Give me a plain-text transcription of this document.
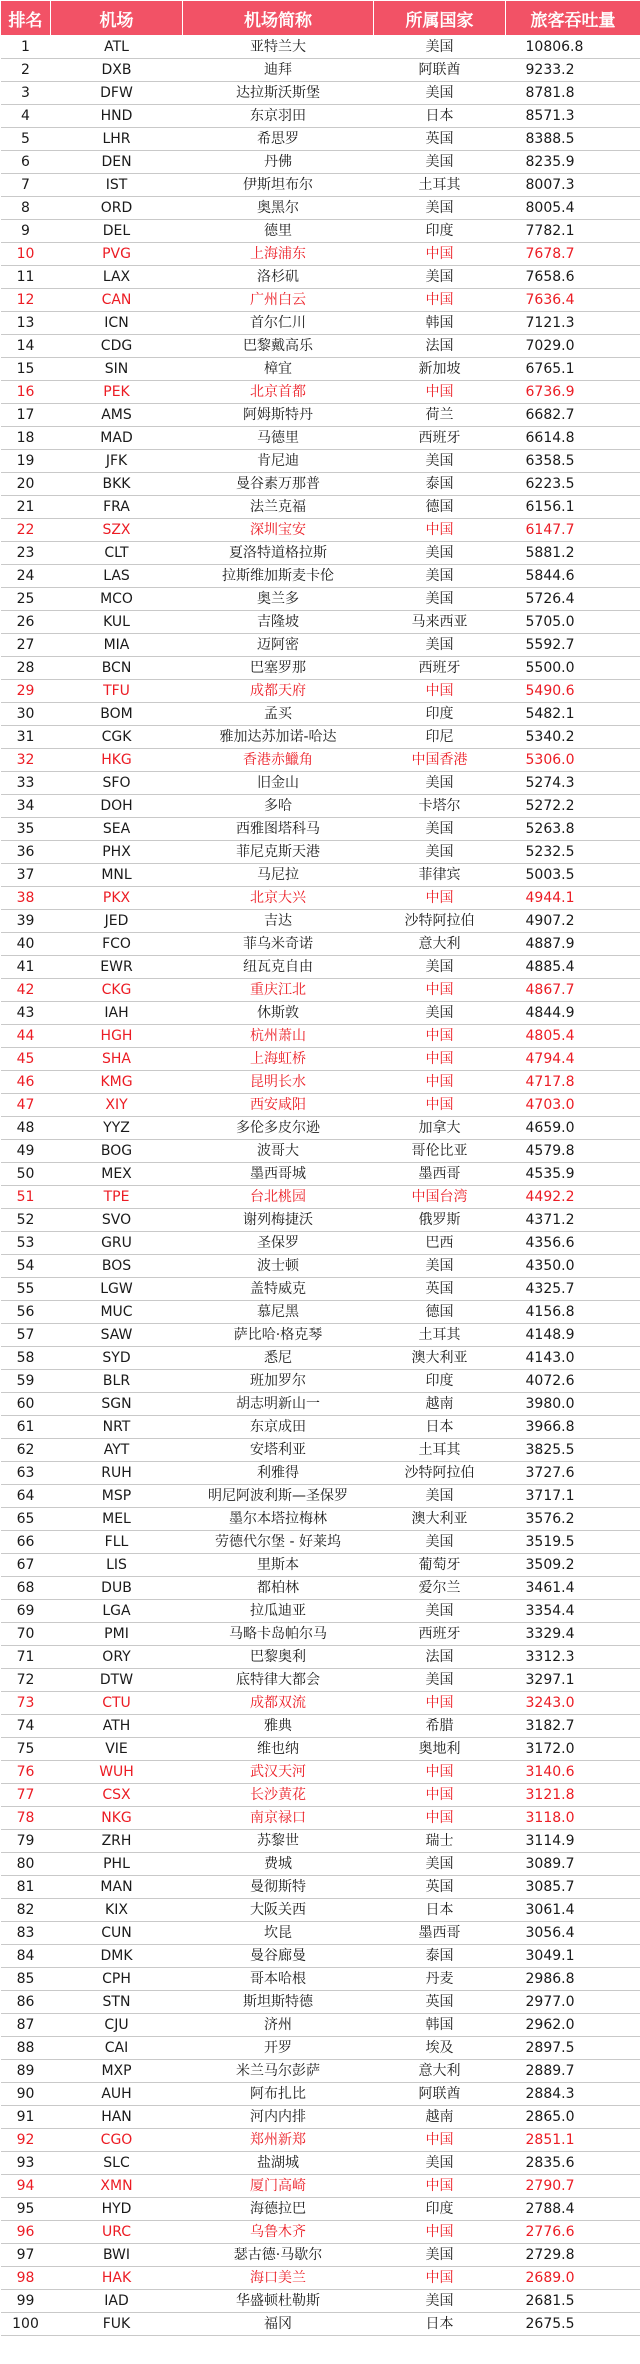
排名	机场	机场简称	所属国家	旅客吞吐量
1	ATL	亚特兰大	美国	10806.8
2	DXB	迪拜	阿联酋	9233.2
3	DFW	达拉斯沃斯堡	美国	8781.8
4	HND	东京羽田	日本	8571.3
5	LHR	希思罗	英国	8388.5
6	DEN	丹佛	美国	8235.9
7	IST	伊斯坦布尔	土耳其	8007.3
8	ORD	奥黑尔	美国	8005.4
9	DEL	德里	印度	7782.1
10	PVG	上海浦东	中国	7678.7
11	LAX	洛杉矶	美国	7658.6
12	CAN	广州白云	中国	7636.4
13	ICN	首尔仁川	韩国	7121.3
14	CDG	巴黎戴高乐	法国	7029.0
15	SIN	樟宜	新加坡	6765.1
16	PEK	北京首都	中国	6736.9
17	AMS	阿姆斯特丹	荷兰	6682.7
18	MAD	马德里	西班牙	6614.8
19	JFK	肯尼迪	美国	6358.5
20	BKK	曼谷素万那普	泰国	6223.5
21	FRA	法兰克福	德国	6156.1
22	SZX	深圳宝安	中国	6147.7
23	CLT	夏洛特道格拉斯	美国	5881.2
24	LAS	拉斯维加斯麦卡伦	美国	5844.6
25	MCO	奥兰多	美国	5726.4
26	KUL	吉隆坡	马来西亚	5705.0
27	MIA	迈阿密	美国	5592.7
28	BCN	巴塞罗那	西班牙	5500.0
29	TFU	成都天府	中国	5490.6
30	BOM	孟买	印度	5482.1
31	CGK	雅加达苏加诺-哈达	印尼	5340.2
32	HKG	香港赤鱲角	中国香港	5306.0
33	SFO	旧金山	美国	5274.3
34	DOH	多哈	卡塔尔	5272.2
35	SEA	西雅图塔科马	美国	5263.8
36	PHX	菲尼克斯天港	美国	5232.5
37	MNL	马尼拉	菲律宾	5003.5
38	PKX	北京大兴	中国	4944.1
39	JED	吉达	沙特阿拉伯	4907.2
40	FCO	菲乌米奇诺	意大利	4887.9
41	EWR	纽瓦克自由	美国	4885.4
42	CKG	重庆江北	中国	4867.7
43	IAH	休斯敦	美国	4844.9
44	HGH	杭州萧山	中国	4805.4
45	SHA	上海虹桥	中国	4794.4
46	KMG	昆明长水	中国	4717.8
47	XIY	西安咸阳	中国	4703.0
48	YYZ	多伦多皮尔逊	加拿大	4659.0
49	BOG	波哥大	哥伦比亚	4579.8
50	MEX	墨西哥城	墨西哥	4535.9
51	TPE	台北桃园	中国台湾	4492.2
52	SVO	谢列梅捷沃	俄罗斯	4371.2
53	GRU	圣保罗	巴西	4356.6
54	BOS	波士顿	美国	4350.0
55	LGW	盖特威克	英国	4325.7
56	MUC	慕尼黑	德国	4156.8
57	SAW	萨比哈·格克琴	土耳其	4148.9
58	SYD	悉尼	澳大利亚	4143.0
59	BLR	班加罗尔	印度	4072.6
60	SGN	胡志明新山一	越南	3980.0
61	NRT	东京成田	日本	3966.8
62	AYT	安塔利亚	土耳其	3825.5
63	RUH	利雅得	沙特阿拉伯	3727.6
64	MSP	明尼阿波利斯—圣保罗	美国	3717.1
65	MEL	墨尔本塔拉梅林	澳大利亚	3576.2
66	FLL	劳德代尔堡 - 好莱坞	美国	3519.5
67	LIS	里斯本	葡萄牙	3509.2
68	DUB	都柏林	爱尔兰	3461.4
69	LGA	拉瓜迪亚	美国	3354.4
70	PMI	马略卡岛帕尔马	西班牙	3329.4
71	ORY	巴黎奥利	法国	3312.3
72	DTW	底特律大都会	美国	3297.1
73	CTU	成都双流	中国	3243.0
74	ATH	雅典	希腊	3182.7
75	VIE	维也纳	奥地利	3172.0
76	WUH	武汉天河	中国	3140.6
77	CSX	长沙黄花	中国	3121.8
78	NKG	南京禄口	中国	3118.0
79	ZRH	苏黎世	瑞士	3114.9
80	PHL	费城	美国	3089.7
81	MAN	曼彻斯特	英国	3085.7
82	KIX	大阪关西	日本	3061.4
83	CUN	坎昆	墨西哥	3056.4
84	DMK	曼谷廊曼	泰国	3049.1
85	CPH	哥本哈根	丹麦	2986.8
86	STN	斯坦斯特德	英国	2977.0
87	CJU	济州	韩国	2962.0
88	CAI	开罗	埃及	2897.5
89	MXP	米兰马尔彭萨	意大利	2889.7
90	AUH	阿布扎比	阿联酋	2884.3
91	HAN	河内内排	越南	2865.0
92	CGO	郑州新郑	中国	2851.1
93	SLC	盐湖城	美国	2835.6
94	XMN	厦门高崎	中国	2790.7
95	HYD	海德拉巴	印度	2788.4
96	URC	乌鲁木齐	中国	2776.6
97	BWI	瑟古德·马歇尔	美国	2729.8
98	HAK	海口美兰	中国	2689.0
99	IAD	华盛顿杜勒斯	美国	2681.5
100	FUK	福冈	日本	2675.5
